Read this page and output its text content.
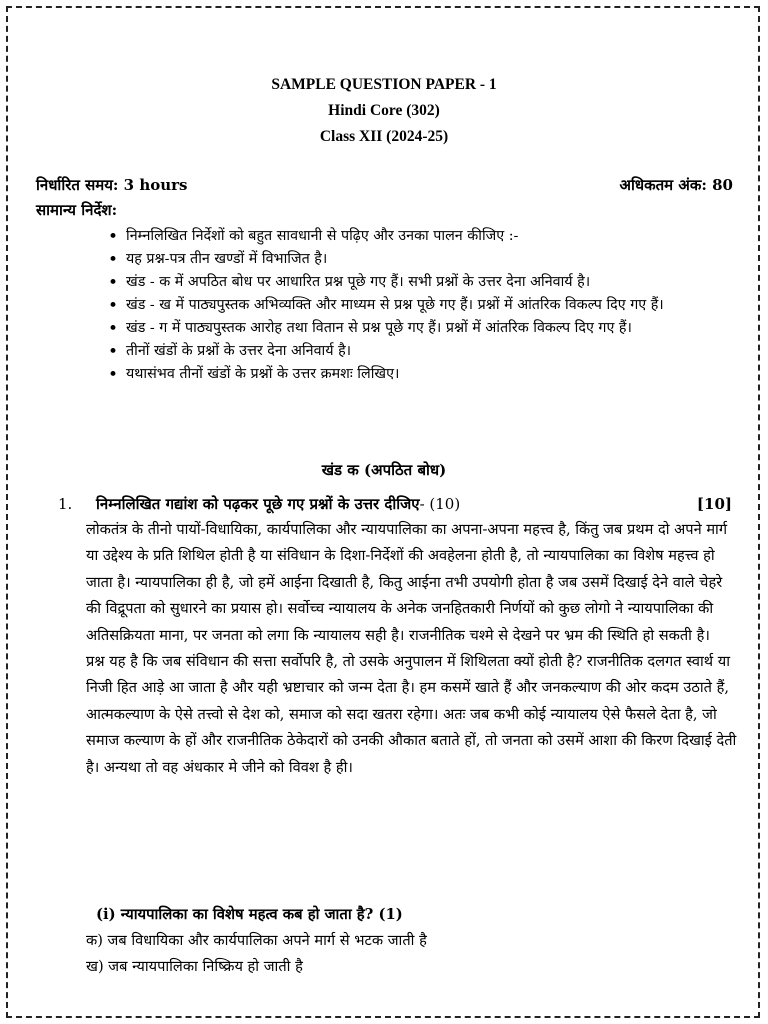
SAMPLE QUESTION PAPER - 1
Hindi Core (302)
Class XII (2024-25)
निर्धारित समय: 3 hours	अधिकतम अंक: 80
सामान्य निर्देश:
• निम्नलिखित निर्देशों को बहुत सावधानी से पढ़िए और उनका पालन कीजिए :-
• यह प्रश्न-पत्र तीन खण्डों में विभाजित है।
• खंड - क में अपठित बोध पर आधारित प्रश्न पूछे गए हैं। सभी प्रश्नों के उत्तर देना अनिवार्य है।
• खंड - ख में पाठ्यपुस्तक अभिव्यक्ति और माध्यम से प्रश्न पूछे गए हैं। प्रश्नों में आंतरिक विकल्प दिए गए हैं।
• खंड - ग में पाठ्यपुस्तक आरोह तथा वितान से प्रश्न पूछे गए हैं। प्रश्नों में आंतरिक विकल्प दिए गए हैं।
• तीनों खंडों के प्रश्नों के उत्तर देना अनिवार्य है।
• यथासंभव तीनों खंडों के प्रश्नों के उत्तर क्रमशः लिखिए।
खंड क (अपठित बोध)
1. निम्नलिखित गद्यांश को पढ़कर पूछे गए प्रश्नों के उत्तर दीजिए- (10)	[10]

लोकतंत्र के तीनो पायों-विधायिका, कार्यपालिका और न्यायपालिका का अपना-अपना महत्त्व है, किंतु जब प्रथम दो अपने मार्ग या उद्देश्य के प्रति शिथिल होती है या संविधान के दिशा-निर्देशों की अवहेलना होती है, तो न्यायपालिका का विशेष महत्त्व हो जाता है। न्यायपालिका ही है, जो हमें आईना दिखाती है, कितु आईना तभी उपयोगी होता है जब उसमें दिखाई देने वाले चेहरे की विद्रूपता को सुधारने का प्रयास हो। सर्वोच्च न्यायालय के अनेक जनहितकारी निर्णयों को कुछ लोगो ने न्यायपालिका की अतिसक्रियता माना, पर जनता को लगा कि न्यायालय सही है। राजनीतिक चश्मे से देखने पर भ्रम की स्थिति हो सकती है।

प्रश्न यह है कि जब संविधान की सत्ता सर्वोपरि है, तो उसके अनुपालन में शिथिलता क्यों होती है? राजनीतिक दलगत स्वार्थ या निजी हित आड़े आ जाता है और यही भ्रष्टाचार को जन्म देता है। हम कसमें खाते हैं और जनकल्याण की ओर कदम उठाते हैं, आत्मकल्याण के ऐसे तत्त्वो से देश को, समाज को सदा खतरा रहेगा। अतः जब कभी कोई न्यायालय ऐसे फैसले देता है, जो समाज कल्याण के हों और राजनीतिक ठेकेदारों को उनकी औकात बताते हों, तो जनता को उसमें आशा की किरण दिखाई देती है। अन्यथा तो वह अंधकार मे जीने को विवश है ही।

(i) न्यायपालिका का विशेष महत्व कब हो जाता है? (1)
क) जब विधायिका और कार्यपालिका अपने मार्ग से भटक जाती है
ख) जब न्यायपालिका निष्क्रिय हो जाती है
